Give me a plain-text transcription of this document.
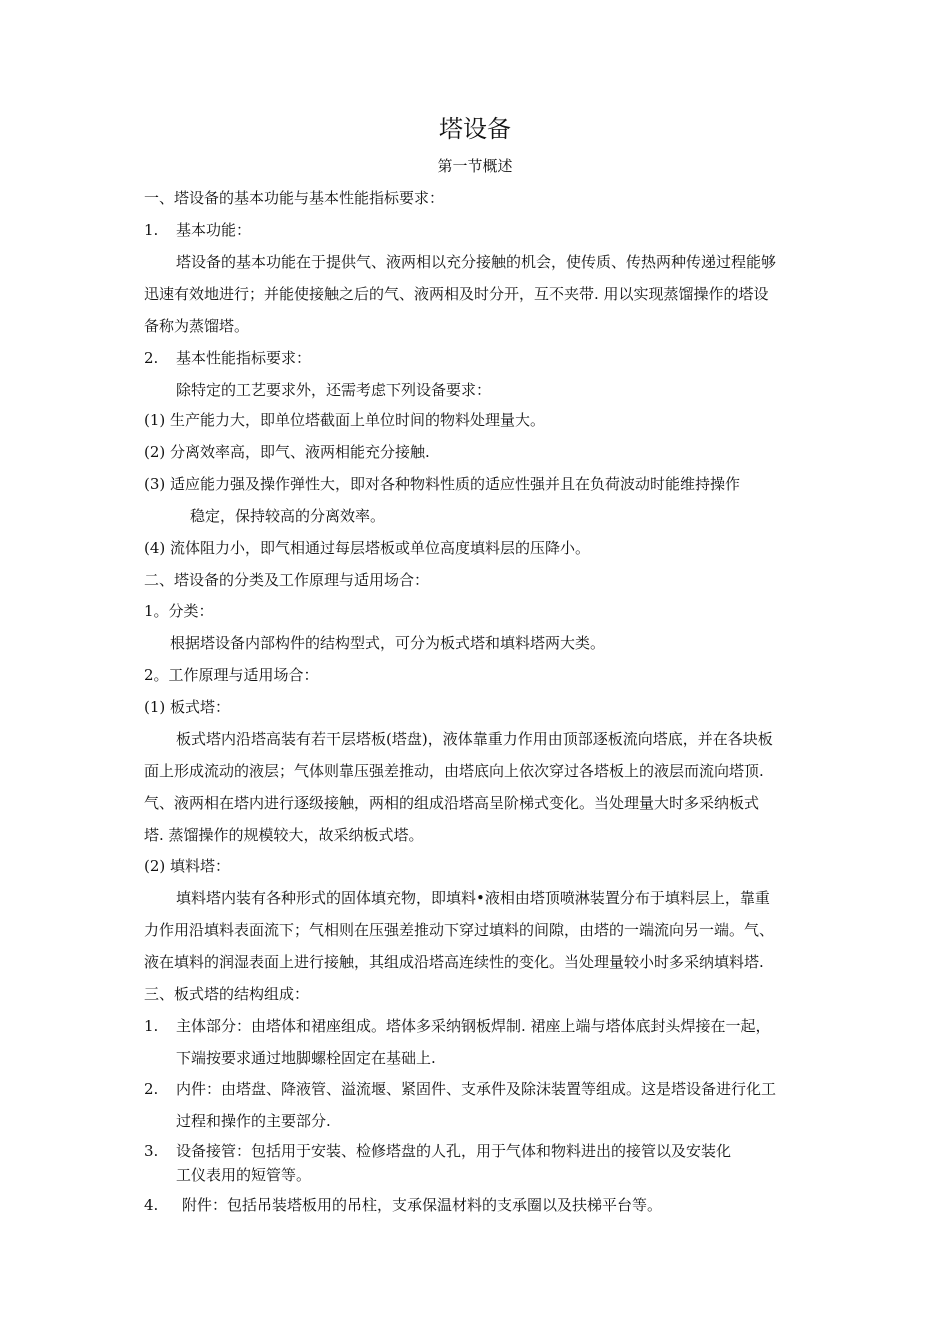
塔设备
第一节概述
一、塔设备的基本功能与基本性能指标要求：
1. 基本功能：
塔设备的基本功能在于提供气、液两相以充分接触的机会，使传质、传热两种传递过程能够
迅速有效地进行；并能使接触之后的气、液两相及时分开，互不夹带. 用以实现蒸馏操作的塔设
备称为蒸馏塔。
2. 基本性能指标要求：
除特定的工艺要求外，还需考虑下列设备要求：
(1) 生产能力大，即单位塔截面上单位时间的物料处理量大。
(2) 分离效率高，即气、液两相能充分接触.
(3) 适应能力强及操作弹性大，即对各种物料性质的适应性强并且在负荷波动时能维持操作
稳定，保持较高的分离效率。
(4) 流体阻力小，即气相通过每层塔板或单位高度填料层的压降小。
二、塔设备的分类及工作原理与适用场合：
1。分类：
根据塔设备内部构件的结构型式，可分为板式塔和填料塔两大类。
2。工作原理与适用场合：
(1) 板式塔：
板式塔内沿塔高装有若干层塔板(塔盘)，液体靠重力作用由顶部逐板流向塔底，并在各块板
面上形成流动的液层；气体则靠压强差推动，由塔底向上依次穿过各塔板上的液层而流向塔顶.
气、液两相在塔内进行逐级接触，两相的组成沿塔高呈阶梯式变化。当处理量大时多采纳板式
塔. 蒸馏操作的规模较大，故采纳板式塔。
(2) 填料塔：
填料塔内装有各种形式的固体填充物，即填料•液相由塔顶喷淋装置分布于填料层上，靠重
力作用沿填料表面流下；气相则在压强差推动下穿过填料的间隙，由塔的一端流向另一端。气、
液在填料的润湿表面上进行接触，其组成沿塔高连续性的变化。当处理量较小时多采纳填料塔.
三、板式塔的结构组成：
1. 主体部分：由塔体和裙座组成。塔体多采纳钢板焊制. 裙座上端与塔体底封头焊接在一起，
下端按要求通过地脚螺栓固定在基础上.
2. 内件：由塔盘、降液管、溢流堰、紧固件、支承件及除沫装置等组成。这是塔设备进行化工
过程和操作的主要部分.
3. 设备接管：包括用于安装、检修塔盘的人孔，用于气体和物料进出的接管以及安装化
工仪表用的短管等。
4. 附件：包括吊装塔板用的吊柱，支承保温材料的支承圈以及扶梯平台等。
